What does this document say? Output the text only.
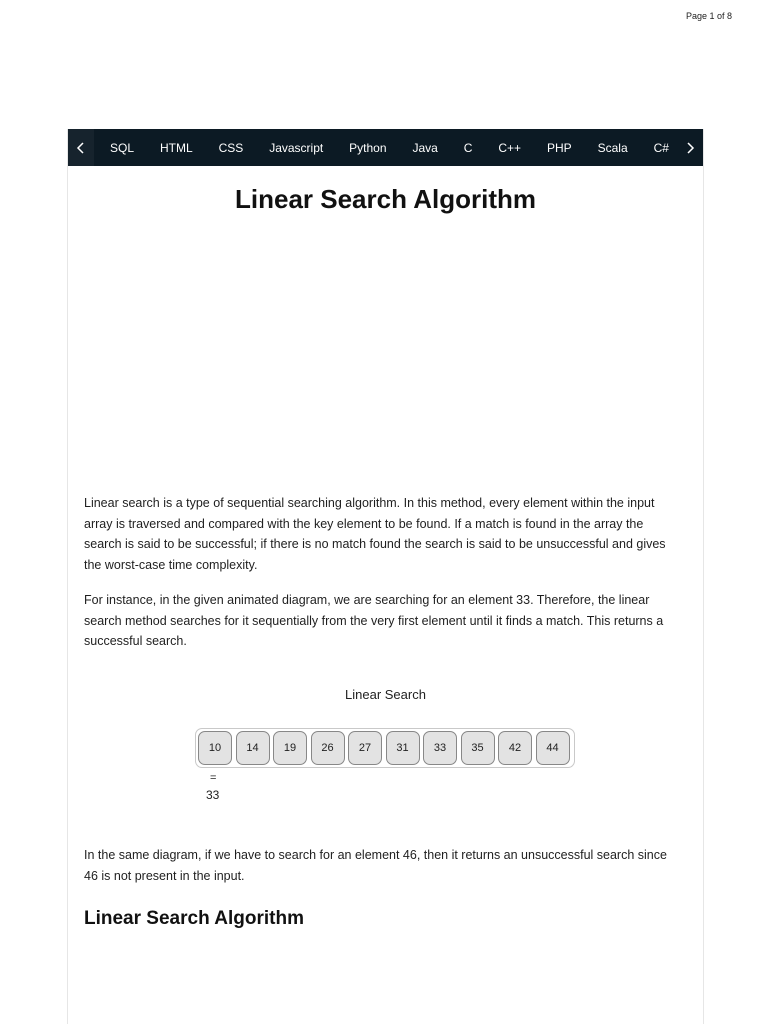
Page 1 of 8
SQL HTML CSS Javascript Python Java C C++ PHP Scala C#
Linear Search Algorithm

Linear search is a type of sequential searching algorithm. In this method, every element within the input array is traversed and compared with the key element to be found. If a match is found in the array the search is said to be successful; if there is no match found the search is said to be unsuccessful and gives the worst-case time complexity.

For instance, in the given animated diagram, we are searching for an element 33. Therefore, the linear search method searches for it sequentially from the very first element until it finds a match. This returns a successful search.

Linear Search
10	14	19	26	27	31	33	35	42	44
=
33

In the same diagram, if we have to search for an element 46, then it returns an unsuccessful search since 46 is not present in the input.

Linear Search Algorithm
